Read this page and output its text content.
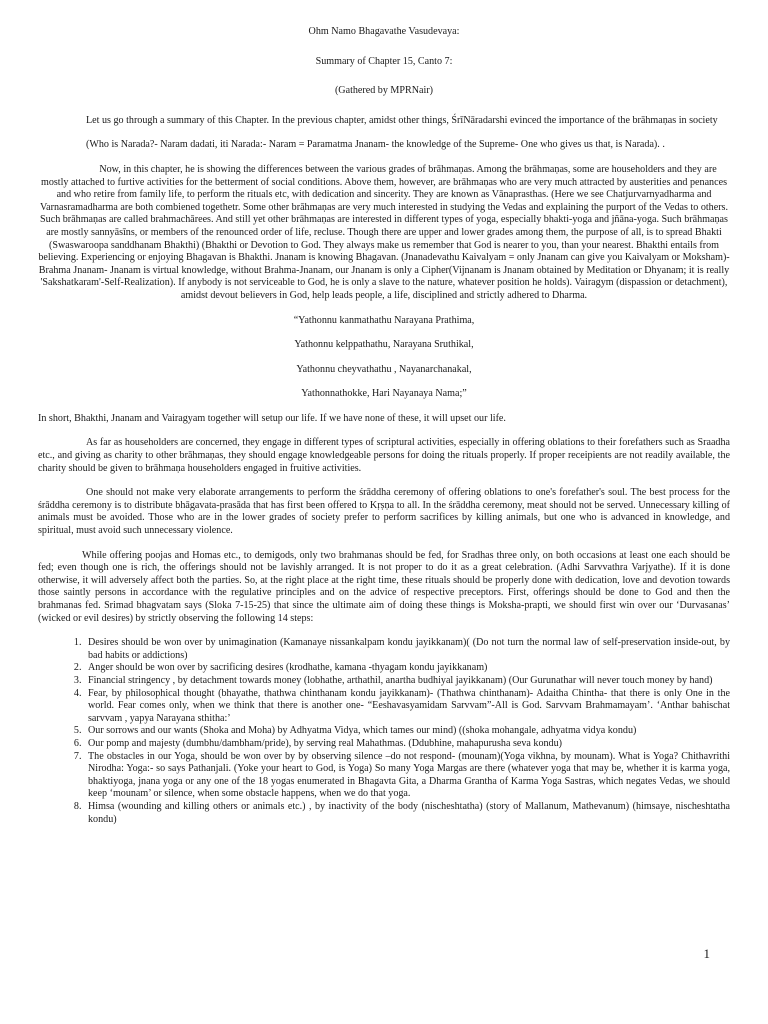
Ohm Namo Bhagavathe Vasudevaya:

Summary of Chapter 15, Canto 7:

(Gathered by MPRNair)

Let us go through a summary of this Chapter. In the previous chapter, amidst other things, ŚrīNāradarshi evinced the importance of the brāhmaṇas in society

(Who is Narada?- Naram dadati, iti Narada:- Naram = Paramatma Jnanam- the knowledge of the Supreme- One who gives us that, is Narada). .

Now, in this chapter, he is showing the differences between the various grades of brāhmaṇas. Among the brāhmaṇas, some are householders and they are mostly attached to furtive activities for the betterment of social conditions. Above them, however, are brāhmaṇas who are very much attracted by austerities and penances and who retire from family life, to perform the rituals etc, with dedication and sincerity. They are known as Vānaprasthas. (Here we see Chatjurvarnyadharma and Varnasramadharma are both combiened togethetr. Some other brāhmaṇas are very much interested in studying the Vedas and explaining the purport of the Vedas to others. Such brāhmaṇas are called brahmachārees. And still yet other brāhmaṇas are interested in different types of yoga, especially bhakti-yoga and jñāna-yoga. Such brāhmaṇas are mostly sannyāsīns, or members of the renounced order of life, recluse. Though there are upper and lower grades among them, the purpose of all, is to spread Bhakti (Swaswaroopa sanddhanam Bhakthi) (Bhakthi or Devotion to God. They always make us remember that God is nearer to you, than your nearest. Bhakthi entails from believing. Experiencing or enjoying Bhagavan is Bhakthi. Jnanam is knowing Bhagavan. (Jnanadevathu Kaivalyam = only Jnanam can give you Kaivalyam or Moksham)- Brahma Jnanam- Jnanam is virtual knowledge, without Brahma-Jnanam, our Jnanam is only a Cipher(Vijnanam is Jnanam obtained by Meditation or Dhyanam; it is really 'Sakshatkaram'-Self-Realization). If anybody is not serviceable to God, he is only a slave to the nature, whatever position he holds). Vairagym (dispassion or detachment), amidst devout believers in God, help leads people, a life, disciplined and strictly adhered to Dharma.

“Yathonnu kanmathathu Narayana Prathima,

Yathonnu kelppathathu, Narayana Sruthikal,

Yathonnu cheyvathathu , Nayanarchanakal,

Yathonnathokke, Hari Nayanaya Nama;”

In short, Bhakthi, Jnanam and Vairagyam together will setup our life. If we have none of these, it will upset our life.

As far as householders are concerned, they engage in different types of scriptural activities, especially in offering oblations to their forefathers such as Sraadha etc., and giving as charity to other brāhmaṇas, they should engage knowledgeable persons for doing the rituals properly. If proper receipients are not readily available, the charity should be given to brāhmaṇa householders engaged in fruitive activities.

One should not make very elaborate arrangements to perform the śrāddha ceremony of offering oblations to one's forefather's soul. The best process for the śrāddha ceremony is to distribute bhāgavata-prasāda that has first been offered to Kṛṣṇa to all. In the śrāddha ceremony, meat should not be served. Unnecessary killing of animals must be avoided. Those who are in the lower grades of society prefer to perform sacrifices by killing animals, but one who is advanced in knowledge, and spiritual, must avoid such unnecessary violence.

While offering poojas and Homas etc., to demigods, only two brahmanas should be fed, for Sradhas three only, on both occasions at least one each should be fed; even though one is rich, the offerings should not be lavishly arranged. It is not proper to do it as a great celebration. (Adhi Sarvvathra Varjyathe). If it is done otherwise, it will adversely affect both the parties. So, at the right place at the right time, these rituals should be properly done with dedication, love and devotion towards those saintly persons in accordance with the regulative principles and on the advice of respective preceptors. First, offerings should be done to God and then the brahmanas fed. Srimad bhagvatam says (Sloka 7-15-25) that since the ultimate aim of doing these things is Moksha-prapti, we should first win over our ‘Durvasanas’ (wicked or evil desires) by strictly observing the following 14 steps:

1. Desires should be won over by unimagination (Kamanaye nissankalpam kondu jayikkanam)( (Do not turn the normal law of self-preservation inside-out, by bad habits or addictions)
2. Anger should be won over by sacrificing desires (krodhathe, kamana -thyagam kondu jayikkanam)
3. Financial stringency , by detachment towards money (lobhathe, arthathil, anartha budhiyal jayikkanam) (Our Gurunathar will never touch money by hand)
4. Fear, by philosophical thought (bhayathe, thathwa chinthanam kondu jayikkanam)- (Thathwa chinthanam)- Adaitha Chintha- that there is only One in the world. Fear comes only, when we think that there is another one- “Eeshavasyamidam Sarvvam”-All is God. Sarvvam Brahmamayam’. ‘Anthar bahischat sarvvam , yapya Narayana sthitha:’
5. Our sorrows and our wants (Shoka and Moha) by Adhyatma Vidya, which tames our mind) ((shoka mohangale, adhyatma vidya kondu)
6. Our pomp and majesty (dumbhu/dambham/pride), by serving real Mahathmas. (Ddubhine, mahapurusha seva kondu)
7. The obstacles in our Yoga, should be won over by by observing silence –do not respond- (mounam)(Yoga vikhna, by mounam). What is Yoga? Chithavrithi Nirodha: Yoga:- so says Pathanjali. (Yoke your heart to God, is Yoga) So many Yoga Margas are there (whatever yoga that may be, whether it is karma yoga, bhaktiyoga, jnana yoga or any one of the 18 yogas enumerated in Bhagavta Gita, a Dharma Grantha of Karma Yoga Sastras, which negates Vedas, we should keep ‘mounam’ or silence, when some obstacle happens, when we do that yoga.
8. Himsa (wounding and killing others or animals etc.) , by inactivity of the body (nischeshtatha) (story of Mallanum, Mathevanum) (himsaye, nischeshtatha kondu)
1
